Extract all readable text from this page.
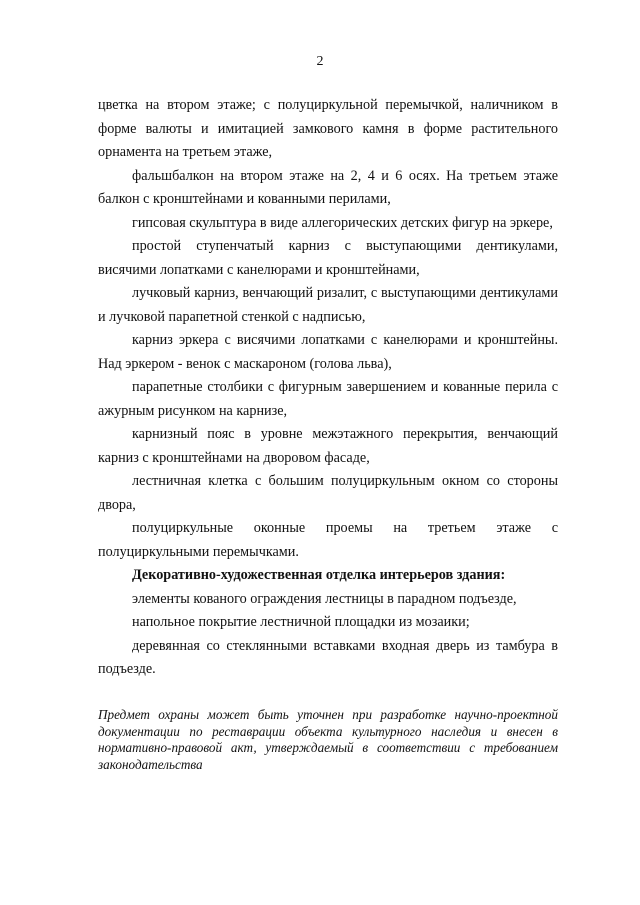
2

цветка на втором этаже; с полуциркульной перемычкой, наличником в форме валюты и имитацией замкового камня в форме растительного орнамента на третьем этаже,

фальшбалкон на втором этаже на 2, 4 и 6 осях. На третьем этаже балкон с кронштейнами и кованными перилами,

гипсовая скульптура в виде аллегорических детских фигур на эркере,

простой ступенчатый карниз с выступающими дентикулами, висячими лопатками с канелюрами и кронштейнами,

лучковый карниз, венчающий ризалит, с выступающими дентикулами и лучковой парапетной стенкой с надписью,

карниз эркера с висячими лопатками с канелюрами и кронштейны. Над эркером - венок с маскароном (голова льва),

парапетные столбики с фигурным завершением и кованные перила с ажурным рисунком на карнизе,

карнизный пояс в уровне межэтажного перекрытия, венчающий карниз с кронштейнами на дворовом фасаде,

лестничная клетка с большим полуциркульным окном со стороны двора,

полуциркульные оконные проемы на третьем этаже с полуциркульными перемычками.

Декоративно-художественная отделка интерьеров здания:

элементы кованого ограждения лестницы в парадном подъезде,

напольное покрытие лестничной площадки из мозаики;

деревянная со стеклянными вставками входная дверь из тамбура в подъезде.

Предмет охраны может быть уточнен при разработке научно-проектной документации по реставрации объекта культурного наследия и внесен в нормативно-правовой акт, утверждаемый в соответствии с требованием законодательства
